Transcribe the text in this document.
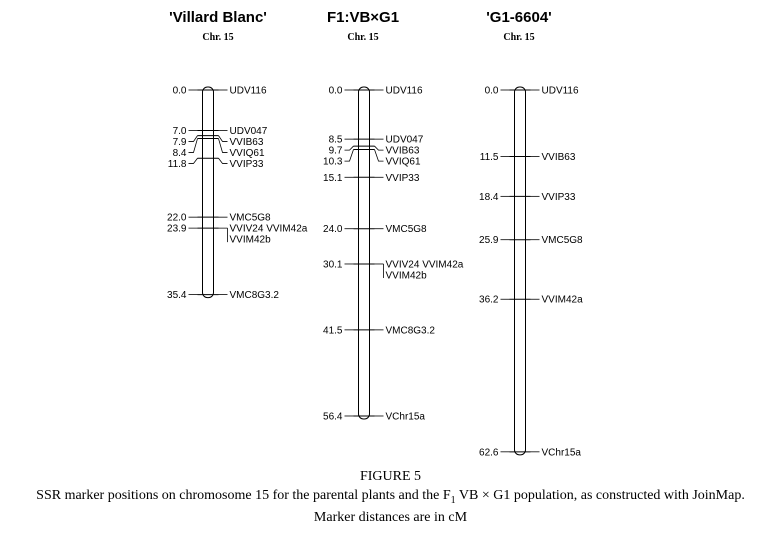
'Villard Blanc'
Chr. 15
0.0	UDV116
7.0	UDV047
7.9	VVIB63
8.4	VVIQ61
11.8	VVIP33
22.0	VMC5G8
23.9	VVIV24 VVIM42a
VVIM42b
35.4	VMC8G3.2
F1:VB×G1
Chr. 15
0.0	UDV116
8.5	UDV047
9.7	VVIB63
10.3	VVIQ61
15.1	VVIP33
24.0	VMC5G8
30.1	VVIV24 VVIM42a
VVIM42b
41.5	VMC8G3.2
56.4	VChr15a
'G1-6604'
Chr. 15
0.0	UDV116
11.5	VVIB63
18.4	VVIP33
25.9	VMC5G8
36.2	VVIM42a
62.6	VChr15a
FIGURE 5
SSR marker positions on chromosome 15 for the parental plants and the $F_1$ VB × G1 population, as constructed with JoinMap.
Marker distances are in cM
